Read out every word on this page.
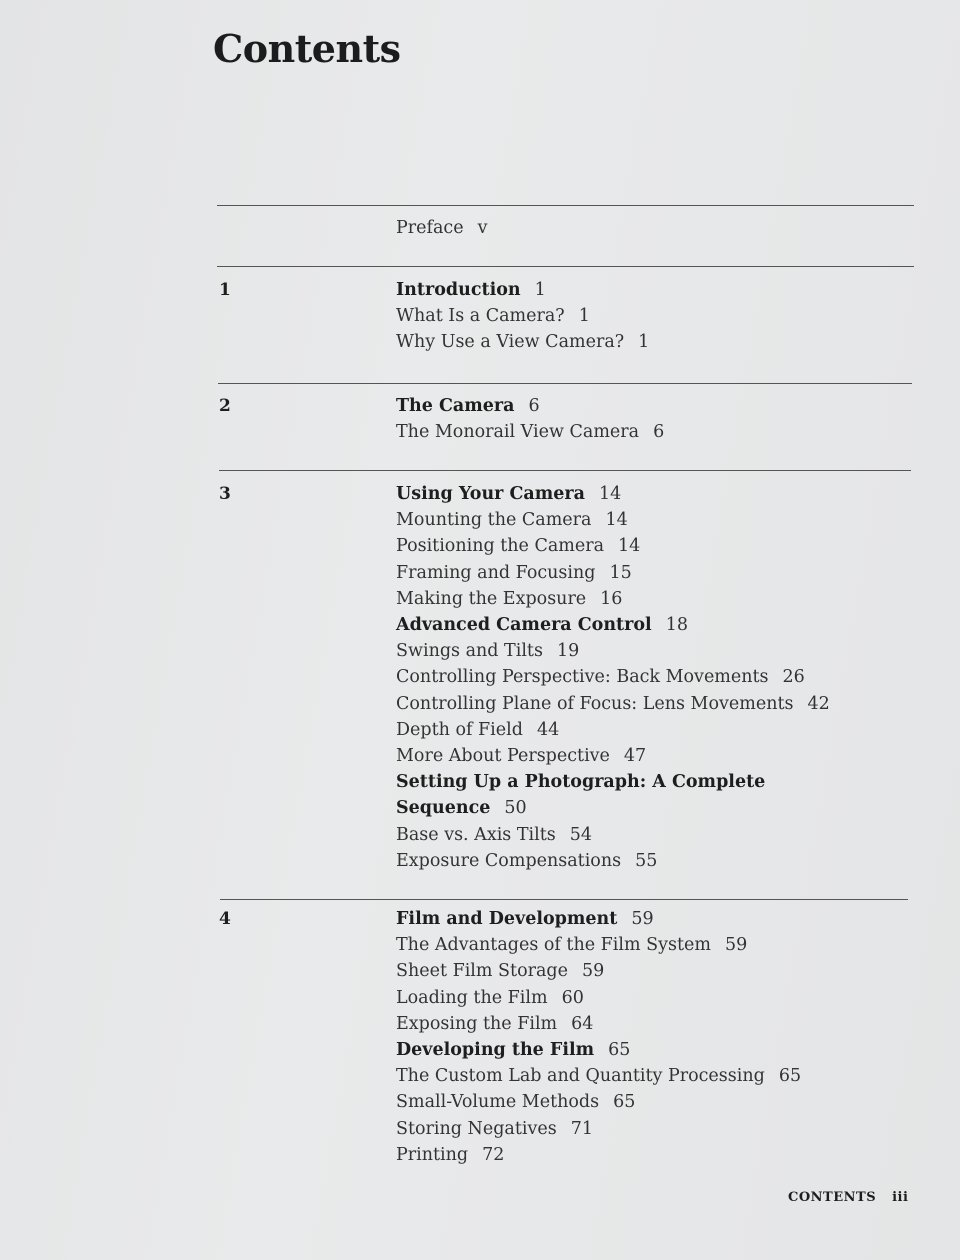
Contents
Preface v
1	Introduction 1
What Is a Camera? 1
Why Use a View Camera? 1
2	The Camera 6
The Monorail View Camera 6
3	Using Your Camera 14
Mounting the Camera 14
Positioning the Camera 14
Framing and Focusing 15
Making the Exposure 16
Advanced Camera Control 18
Swings and Tilts 19
Controlling Perspective: Back Movements 26
Controlling Plane of Focus: Lens Movements 42
Depth of Field 44
More About Perspective 47
Setting Up a Photograph: A Complete
Sequence 50
Base vs. Axis Tilts 54
Exposure Compensations 55
4	Film and Development 59
The Advantages of the Film System 59
Sheet Film Storage 59
Loading the Film 60
Exposing the Film 64
Developing the Film 65
The Custom Lab and Quantity Processing 65
Small-Volume Methods 65
Storing Negatives 71
Printing 72
CONTENTS iii
